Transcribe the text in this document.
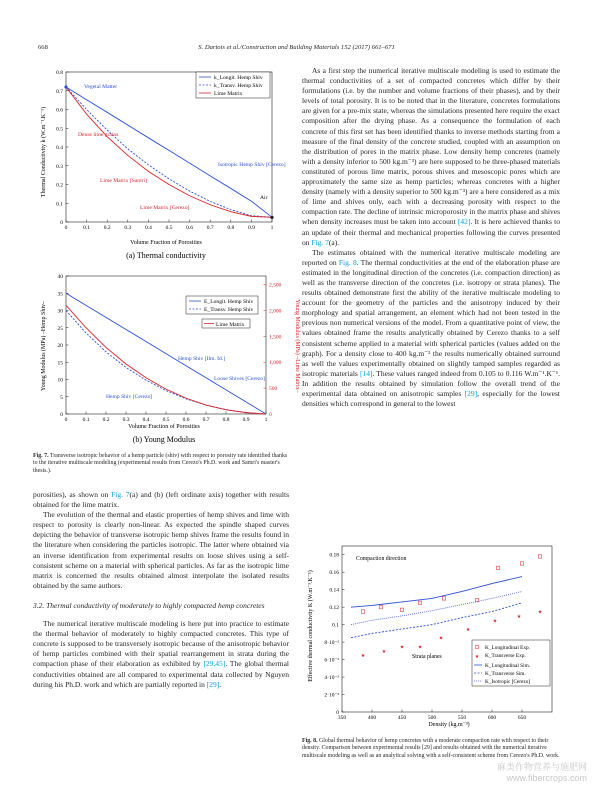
668	S. Dartois et al./Construction and Building Materials 152 (2017) 661–671
0	0.1 0.2 0.3 0.4 0.5 0.6 0.7 0.8 0.9	1
0
0.1
0.2
0.3
0.4
0.5
0.6
0.7
0.8
k_Longit. Hemp Shiv
k_Transv. Hemp Shiv
Lime Matrix
Vegetal Matter
Dense lime grains
Lime Matrix [Samri]
Lime Matrix [Cerezo]
Isotropic Hemp Shiv [Cerezo]
Air
Volume Fraction of Porosities
(a) Thermal conductivity
Thermal Conductivity k (W.m⁻¹.K⁻¹)
0	0.1 0.2 0.3 0.4 0.5 0.6 0.7 0.8 0.9	1
0
5
10
15
20
25
30
35
40
0
500
1,000
1,500
2,000
2,500
E_Longit. Hemp Shiv
E_Transv. Hemp Shiv
Lime Matrix
Hemp Shiv [Ilm. Id.]
Loose Shives [Cerezo]
Hemp Shiv [Cerezo]
Volume Fraction of Porosities
(b) Young Modulus
Young Modulus (MPa) –Hemp Shiv–	Young Modulus (MPa) –Lime Matrix–
Fig. 7. Transverse isotropic behavior of a hemp particle (shiv) with respect to porosity rate identified thanks to the iterative multiscale modeling (experimental results from Cerezo's Ph.D. work and Samri's master's thesis.).

porosities), as shown on Fig. 7(a) and (b) (left ordinate axis) together with results obtained for the lime matrix.

The evolution of the thermal and elastic properties of hemp shives and lime with respect to porosity is clearly non-linear. As expected the spindle shaped curves depicting the behavior of transverse isotropic hemp shives frame the results found in the literature when considering the particles isotropic. The latter where obtained via an inverse identification from experimental results on loose shives using a self-consistent scheme on a material with spherical particles. As far as the isotropic lime matrix is concerned the results obtained almost interpolate the isolated results obtained by the same authors.

3.2. Thermal conductivity of moderately to highly compacted hemp concretes

The numerical iterative multiscale modeling is here put into practice to estimate the thermal behavior of moderately to highly compacted concretes. This type of concrete is supposed to be transversely isotropic because of the anisotropic behavior of hemp particles combined with their spatial rearrangement in strata during the compaction phase of their elaboration as exhibited by [29,45]. The global thermal conductivities obtained are all compared to experimental data collected by Nguyen during his Ph.D. work and which are partially reported in [29].

As a first step the numerical iterative multiscale modeling is used to estimate the thermal conductivities of a set of compacted concretes which differ by their formulations (i.e. by the number and volume fractions of their phases), and by their levels of total porosity. It is to be noted that in the literature, concretes formulations are given for a pre-mix state, whereas the simulations presented here require the exact composition after the drying phase. As a consequence the formulation of each concrete of this first set has been identified thanks to inverse methods starting from a measure of the final density of the concrete studied, coupled with an assumption on the distribution of pores in the matrix phase. Low density hemp concretes (namely with a density inferior to 500 kg.m⁻³) are here supposed to be three-phased materials constituted of porous lime matrix, porous shives and mesoscopic pores which are approximately the same size as hemp particles; whereas concretes with a higher density (namely with a density superior to 500 kg.m⁻³) are a here considered as a mix of lime and shives only, each with a decreasing porosity with respect to the compaction rate. The decline of intrinsic microporosity in the matrix phase and shives when density increases must be taken into account [42]. It is here achieved thanks to an update of their thermal and mechanical properties following the curves presented on Fig. 7(a).

The estimates obtained with the numerical iterative multiscale modeling are reported on Fig. 8. The thermal conductivities at the end of the elaboration phase are estimated in the longitudinal direction of the concretes (i.e. compaction direction) as well as the transverse direction of the concretes (i.e. isotropy or strata planes). The results obtained demonstrate first the ability of the iterative multiscale modeling to account for the geometry of the particles and the anisotropy induced by their morphology and spatial arrangement, an element which had not been tested in the previous non numerical versions of the model. From a quantitative point of view, the values obtained frame the results analytically obtained by Cerezo thanks to a self consistent scheme applied to a material with spherical particles (values added on the graph). For a density close to 400 kg.m⁻³ the results numerically obtained surround as well the values experimentally obtained on slightly tamped samples regarded as isotropic materials [14]. These values ranged indeed from 0.105 to 0.116 W.m⁻¹.K⁻¹. In addition the results obtained by simulation follow the overall trend of the experimental data obtained on anisotropic samples [29], especially for the lowest densities which correspond in general to the lowest

350	400	450	500	550	600	650
0
2·10⁻²
4·10⁻²
6·10⁻²
8·10⁻²
0.1
0.12
0.14
0.16
0.18
★
★
★	★
★
★
★
★
★
Compaction direction
Strata planes	★
K_Longitudinal Exp.
K_Transverse Exp.
K_Longitudinal Sim.
K_Transverse Sim.
K_Isotropic [Cerezo]
Density (kg.m⁻³)
Effective thermal conductivity K (W.m⁻¹.K⁻¹)
Fig. 8. Global thermal behavior of hemp concretes with a moderate compaction rate with respect to their density. Comparison between experimental results [29] and results obtained with the numerical iterative multiscale modeling as well as an analytical solving with a self-consistent scheme from Cerezo's Ph.D. work.
麻类作物营养与施肥网
www.fibercrops.com
